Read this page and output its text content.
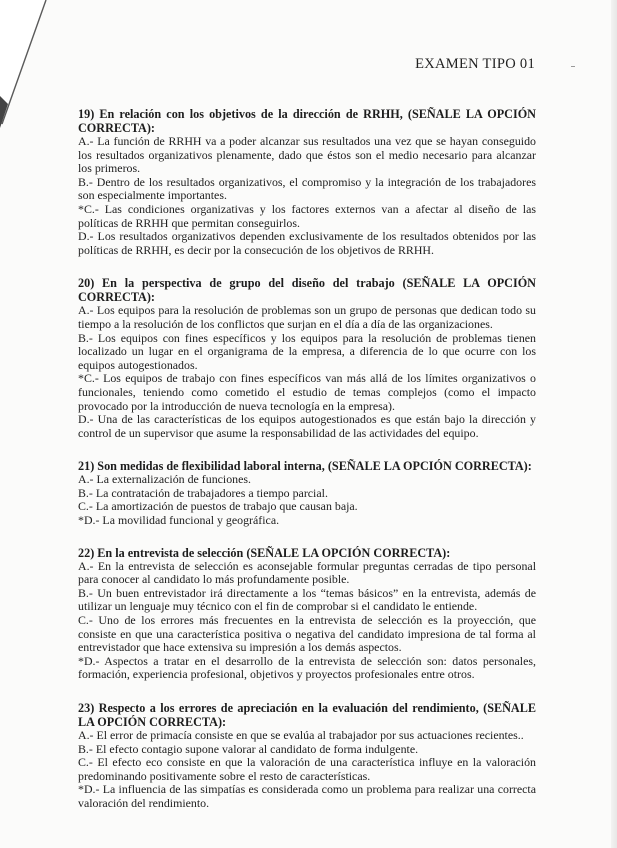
EXAMEN TIPO 01

19) En relación con los objetivos de la dirección de RRHH, (SEÑALE LA OPCIÓN CORRECTA):

A.- La función de RRHH va a poder alcanzar sus resultados una vez que se hayan conseguido los resultados organizativos plenamente, dado que éstos son el medio necesario para alcanzar los primeros.

B.- Dentro de los resultados organizativos, el compromiso y la integración de los trabajadores son especialmente importantes.

*C.- Las condiciones organizativas y los factores externos van a afectar al diseño de las políticas de RRHH que permitan conseguirlos.

D.- Los resultados organizativos dependen exclusivamente de los resultados obtenidos por las políticas de RRHH, es decir por la consecución de los objetivos de RRHH.

20) En la perspectiva de grupo del diseño del trabajo (SEÑALE LA OPCIÓN CORRECTA):

A.- Los equipos para la resolución de problemas son un grupo de personas que dedican todo su tiempo a la resolución de los conflictos que surjan en el día a día de las organizaciones.

B.- Los equipos con fines específicos y los equipos para la resolución de problemas tienen localizado un lugar en el organigrama de la empresa, a diferencia de lo que ocurre con los equipos autogestionados.

*C.- Los equipos de trabajo con fines específicos van más allá de los límites organizativos o funcionales, teniendo como cometido el estudio de temas complejos (como el impacto provocado por la introducción de nueva tecnología en la empresa).

D.- Una de las características de los equipos autogestionados es que están bajo la dirección y control de un supervisor que asume la responsabilidad de las actividades del equipo.

21) Son medidas de flexibilidad laboral interna, (SEÑALE LA OPCIÓN CORRECTA):

A.- La externalización de funciones.

B.- La contratación de trabajadores a tiempo parcial.

C.- La amortización de puestos de trabajo que causan baja.

*D.- La movilidad funcional y geográfica.

22) En la entrevista de selección (SEÑALE LA OPCIÓN CORRECTA):

A.- En la entrevista de selección es aconsejable formular preguntas cerradas de tipo personal para conocer al candidato lo más profundamente posible.

B.- Un buen entrevistador irá directamente a los “temas básicos” en la entrevista, además de utilizar un lenguaje muy técnico con el fin de comprobar si el candidato le entiende.

C.- Uno de los errores más frecuentes en la entrevista de selección es la proyección, que consiste en que una característica positiva o negativa del candidato impresiona de tal forma al entrevistador que hace extensiva su impresión a los demás aspectos.

*D.- Aspectos a tratar en el desarrollo de la entrevista de selección son: datos personales, formación, experiencia profesional, objetivos y proyectos profesionales entre otros.

23) Respecto a los errores de apreciación en la evaluación del rendimiento, (SEÑALE LA OPCIÓN CORRECTA):

A.- El error de primacía consiste en que se evalúa al trabajador por sus actuaciones recientes..

B.- El efecto contagio supone valorar al candidato de forma indulgente.

C.- El efecto eco consiste en que la valoración de una característica influye en la valoración predominando positivamente sobre el resto de características.

*D.- La influencia de las simpatías es considerada como un problema para realizar una correcta valoración del rendimiento.
